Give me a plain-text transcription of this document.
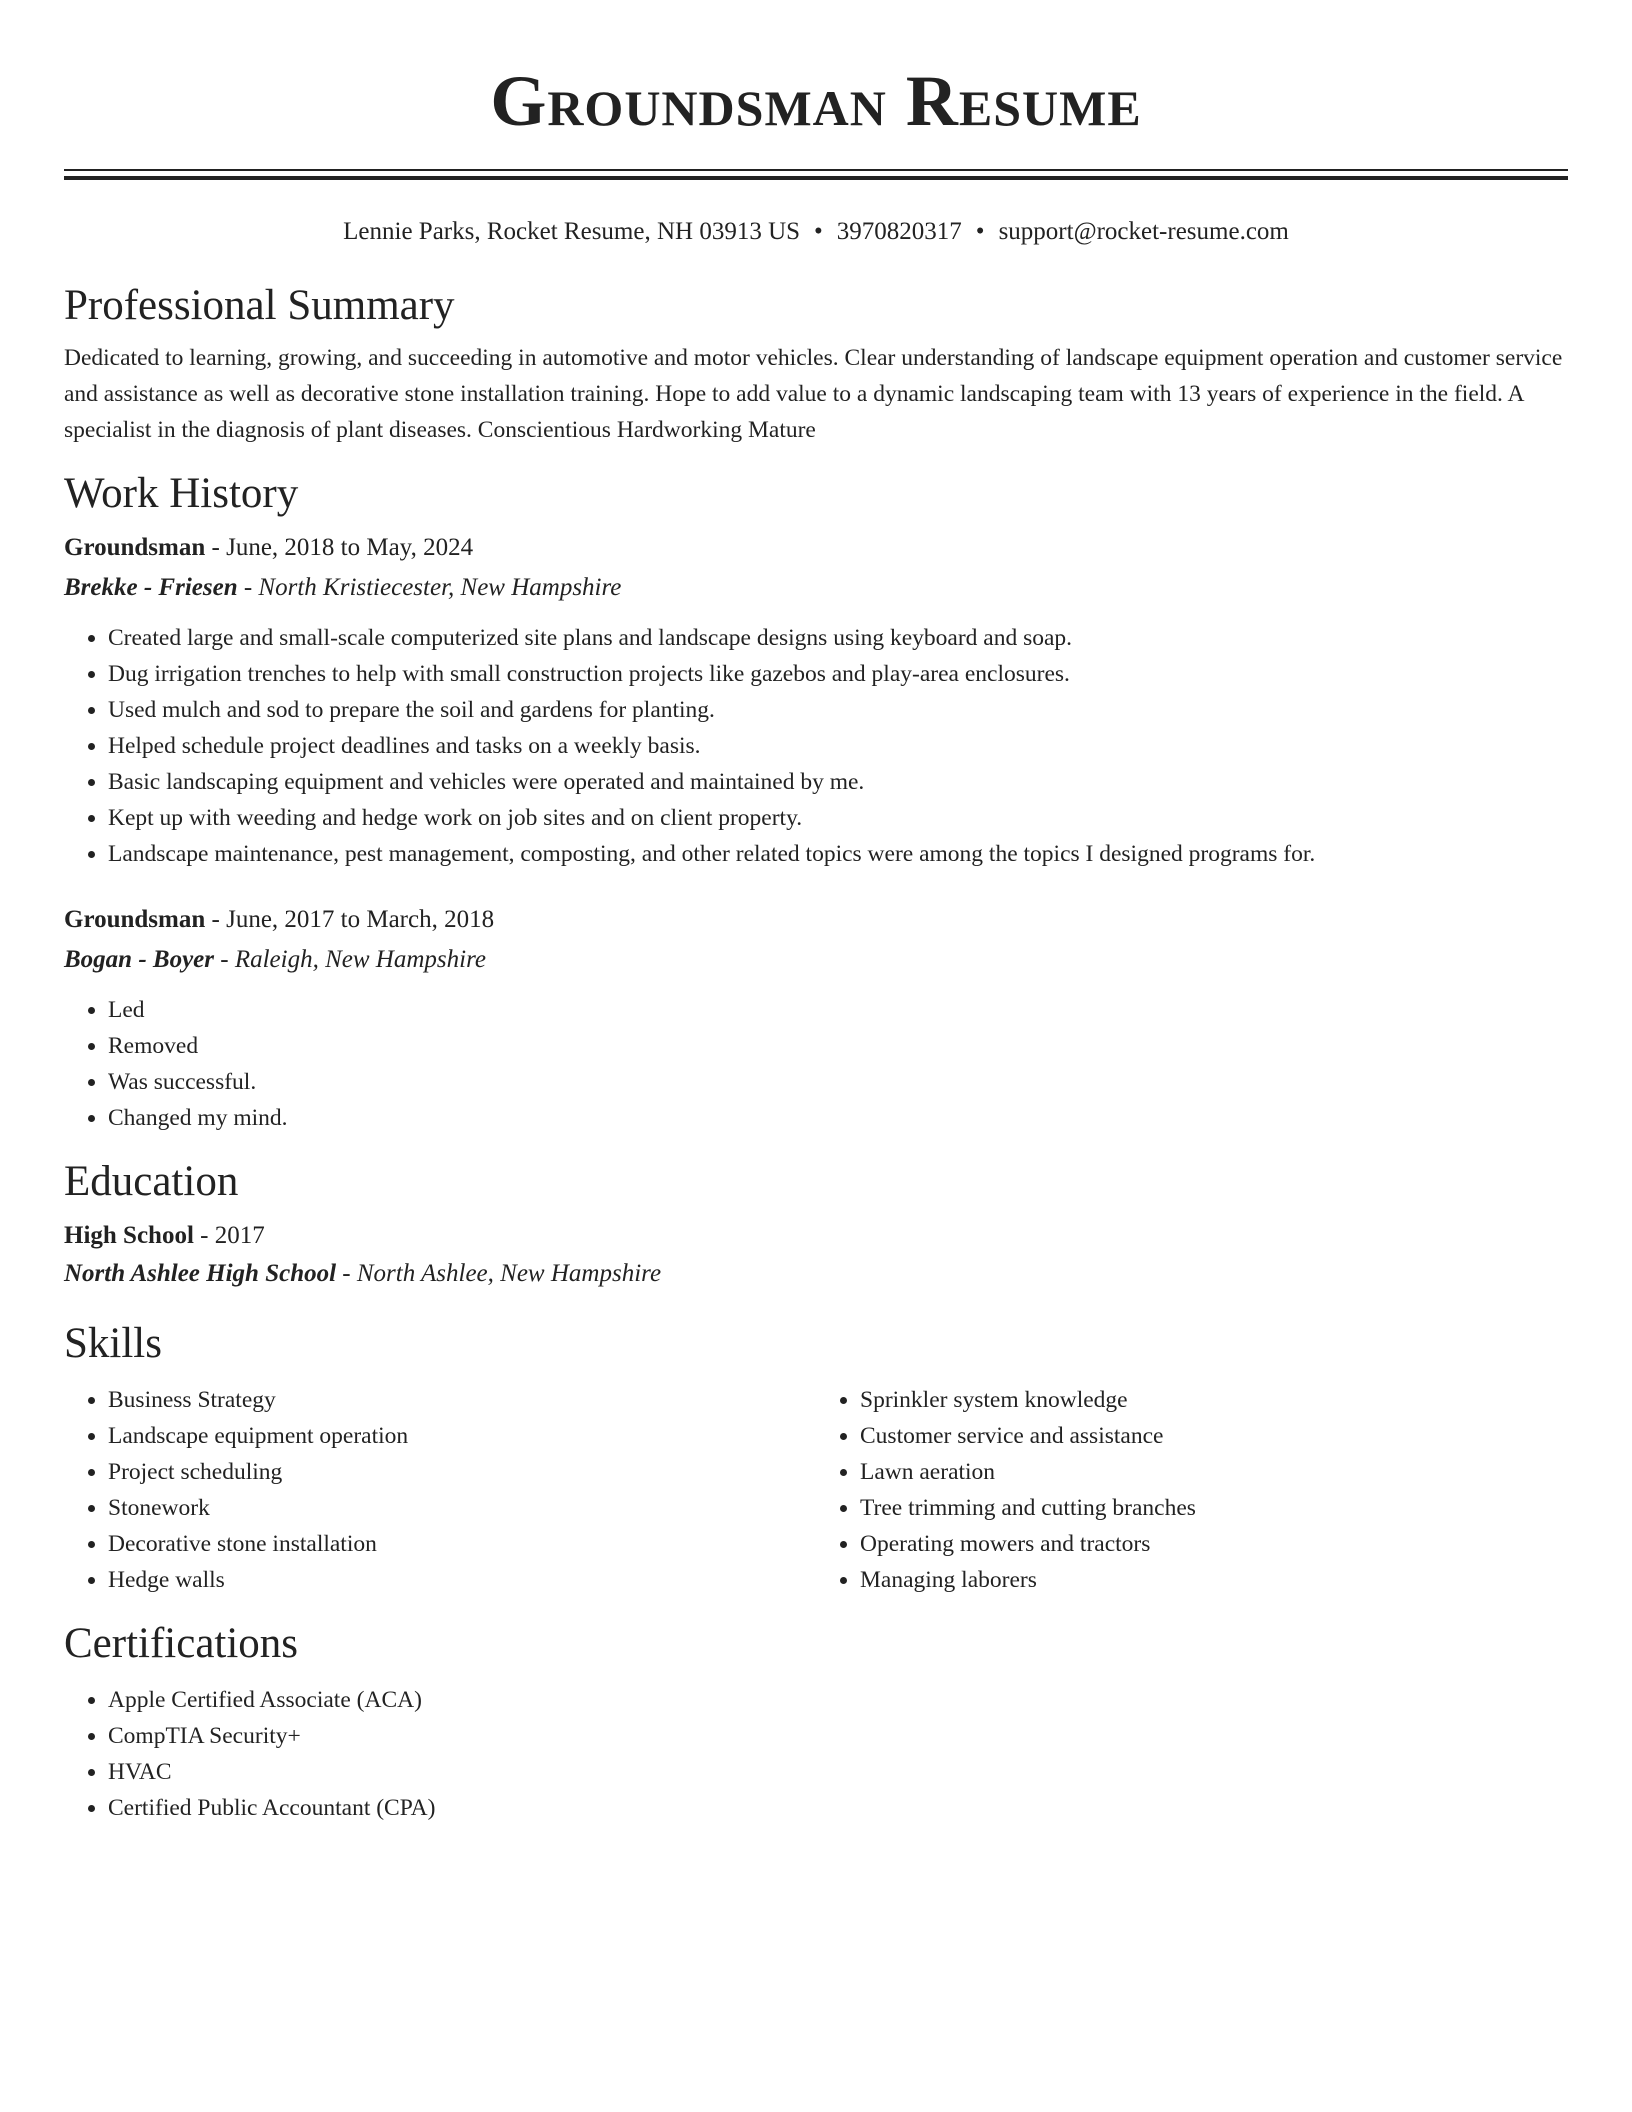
Groundsman Resume
Lennie Parks, Rocket Resume, NH 03913 US • 3970820317 • support@rocket-resume.com
Professional Summary

Dedicated to learning, growing, and succeeding in automotive and motor vehicles. Clear understanding of landscape equipment operation and customer service and assistance as well as decorative stone installation training. Hope to add value to a dynamic landscaping team with 13 years of experience in the field. A specialist in the diagnosis of plant diseases. Conscientious Hardworking Mature

Work History
Groundsman - June, 2018 to May, 2024
Brekke - Friesen - North Kristiecester, New Hampshire
• Created large and small-scale computerized site plans and landscape designs using keyboard and soap.
• Dug irrigation trenches to help with small construction projects like gazebos and play-area enclosures.
• Used mulch and sod to prepare the soil and gardens for planting.
• Helped schedule project deadlines and tasks on a weekly basis.
• Basic landscaping equipment and vehicles were operated and maintained by me.
• Kept up with weeding and hedge work on job sites and on client property.
• Landscape maintenance, pest management, composting, and other related topics were among the topics I designed programs for.
Groundsman - June, 2017 to March, 2018
Bogan - Boyer - Raleigh, New Hampshire
• Led
• Removed
• Was successful.
• Changed my mind.
Education
High School - 2017
North Ashlee High School - North Ashlee, New Hampshire
Skills
• Business Strategy
• Landscape equipment operation
• Project scheduling
• Stonework
• Decorative stone installation
• Hedge walls
• Sprinkler system knowledge
• Customer service and assistance
• Lawn aeration
• Tree trimming and cutting branches
• Operating mowers and tractors
• Managing laborers
Certifications
• Apple Certified Associate (ACA)
• CompTIA Security+
• HVAC
• Certified Public Accountant (CPA)
